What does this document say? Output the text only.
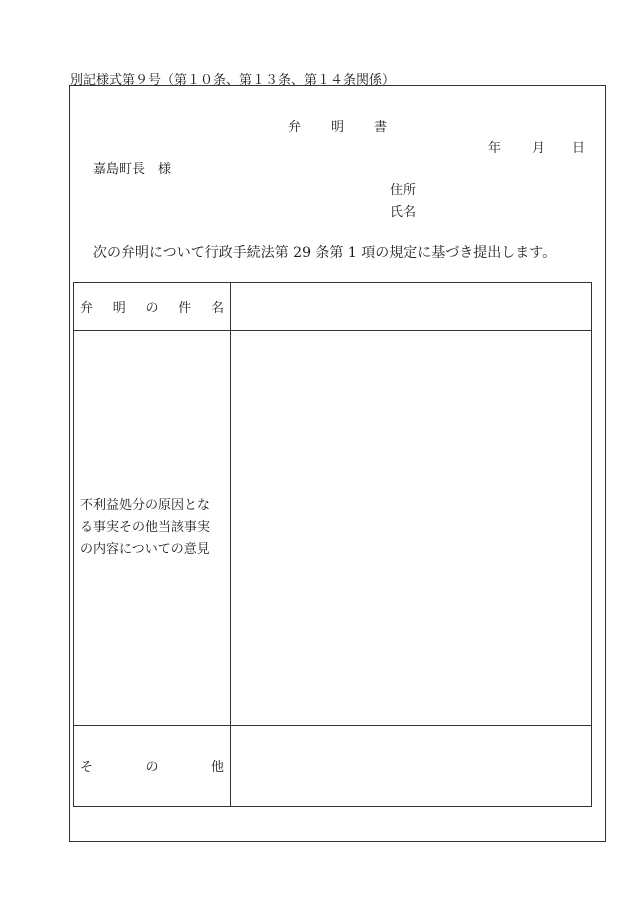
別記様式第９号（第１０条、第１３条、第１４条関係）
弁明書
年 月 日
嘉島町長　様
住所
氏名
次の弁明について行政手続法第 29 条第 1 項の規定に基づき提出します。
弁 明 の 件 名
不利益処分の原因とな
る事実その他当該事実
の内容についての意見
そ	の	他
